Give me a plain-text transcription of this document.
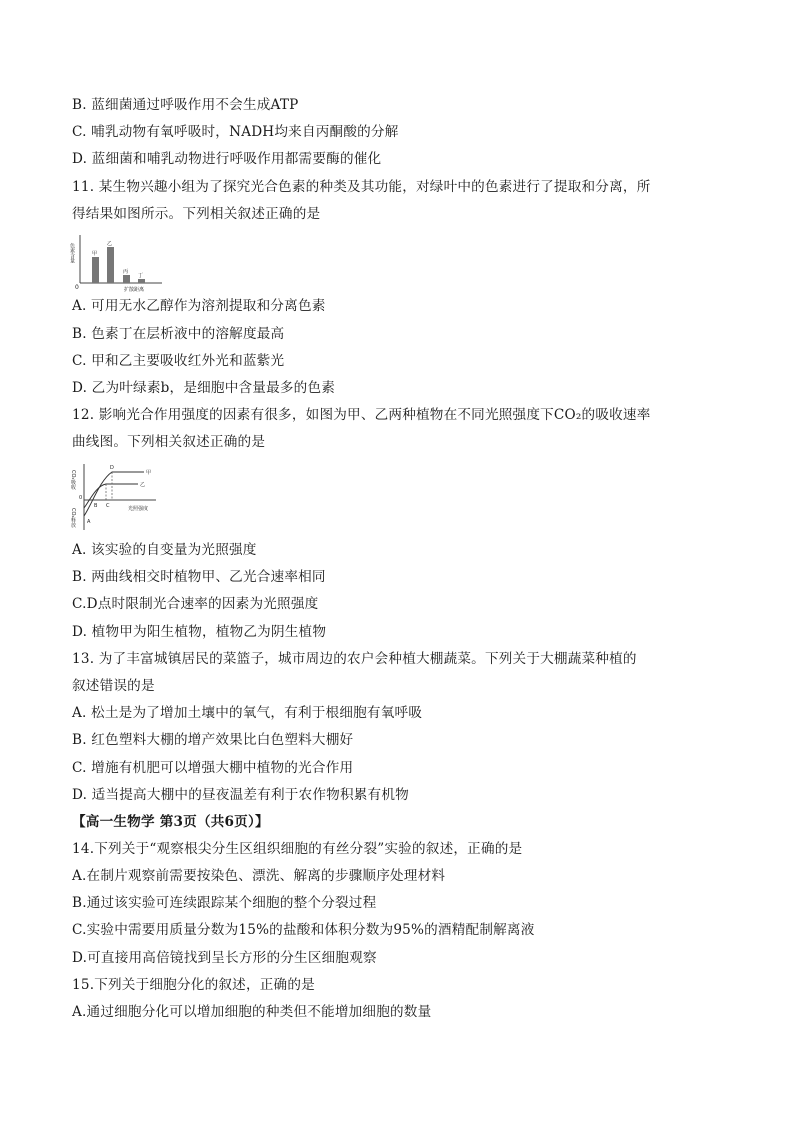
B. 蓝细菌通过呼吸作用不会生成ATP
C. 哺乳动物有氧呼吸时，NADH均来自丙酮酸的分解
D. 蓝细菌和哺乳动物进行呼吸作用都需要酶的催化
11. 某生物兴趣小组为了探究光合色素的种类及其功能，对绿叶中的色素进行了提取和分离，所
得结果如图所示。下列相关叙述正确的是
色素含量
0	扩散距离
甲
乙
丙
丁
A. 可用无水乙醇作为溶剂提取和分离色素
B. 色素丁在层析液中的溶解度最高
C. 甲和乙主要吸收红外光和蓝紫光
D. 乙为叶绿素b，是细胞中含量最多的色素
12. 影响光合作用强度的因素有很多，如图为甲、乙两种植物在不同光照强度下CO₂的吸收速率
曲线图。下列相关叙述正确的是
CO₂吸收
CO₂释放
0
光照强度
A
B C
D
甲
乙
A. 该实验的自变量为光照强度
B. 两曲线相交时植物甲、乙光合速率相同
C.D点时限制光合速率的因素为光照强度
D. 植物甲为阳生植物，植物乙为阴生植物
13. 为了丰富城镇居民的菜篮子，城市周边的农户会种植大棚蔬菜。下列关于大棚蔬菜种植的
叙述错误的是
A. 松土是为了增加土壤中的氧气，有利于根细胞有氧呼吸
B. 红色塑料大棚的增产效果比白色塑料大棚好
C. 增施有机肥可以增强大棚中植物的光合作用
D. 适当提高大棚中的昼夜温差有利于农作物积累有机物
【高一生物学 第3页（共6页）】
14.下列关于“观察根尖分生区组织细胞的有丝分裂”实验的叙述，正确的是
A.在制片观察前需要按染色、漂洗、解离的步骤顺序处理材料
B.通过该实验可连续跟踪某个细胞的整个分裂过程
C.实验中需要用质量分数为15%的盐酸和体积分数为95%的酒精配制解离液
D.可直接用高倍镜找到呈长方形的分生区细胞观察
15.下列关于细胞分化的叙述，正确的是
A.通过细胞分化可以增加细胞的种类但不能增加细胞的数量
